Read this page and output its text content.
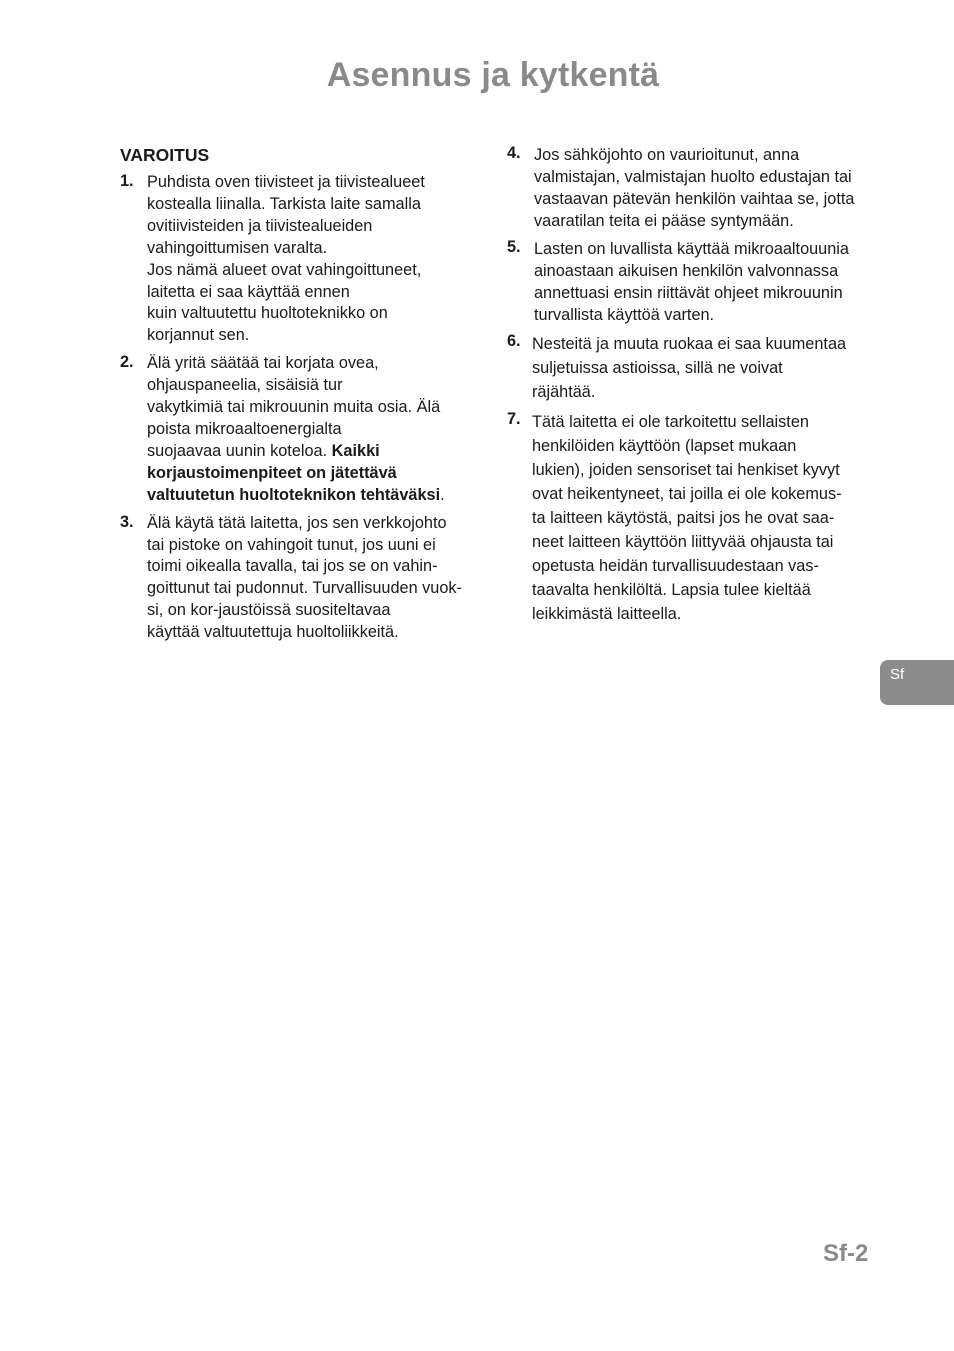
Asennus ja kytkentä
VAROITUS
1. Puhdista oven tiivisteet ja tiivistealueet
kostealla liinalla. Tarkista laite samalla
ovitiivisteiden ja tiivistealueiden
vahingoittumisen varalta.
Jos nämä alueet ovat vahingoittuneet,
laitetta ei saa käyttää ennen
kuin valtuutettu huoltoteknikko on
korjannut sen.
2. Älä yritä säätää tai korjata ovea,
ohjauspaneelia, sisäisiä tur
vakytkimiä tai mikrouunin muita osia. Älä
poista mikroaaltoenergialta
suojaavaa uunin koteloa. Kaikki
korjaustoimenpiteet on jätettävä
valtuutetun huoltoteknikon tehtäväksi.
3. Älä käytä tätä laitetta, jos sen verkkojohto
tai pistoke on vahingoit tunut, jos uuni ei
toimi oikealla tavalla, tai jos se on vahin-
goittunut tai pudonnut. Turvallisuuden vuok-
si, on kor-jaustöissä suositeltavaa
käyttää valtuutettuja huoltoliikkeitä.
4. Jos sähköjohto on vaurioitunut, anna
valmistajan, valmistajan huolto edustajan tai
vastaavan pätevän henkilön vaihtaa se, jotta
vaaratilan teita ei pääse syntymään.
5. Lasten on luvallista käyttää mikroaaltouunia
ainoastaan aikuisen henkilön valvonnassa
annettuasi ensin riittävät ohjeet mikrouunin
turvallista käyttöä varten.
6. Nesteitä ja muuta ruokaa ei saa kuumentaa
suljetuissa astioissa, sillä ne voivat
räjähtää.
7. Tätä laitetta ei ole tarkoitettu sellaisten
henkilöiden käyttöön (lapset mukaan
lukien), joiden sensoriset tai henkiset kyvyt
ovat heikentyneet, tai joilla ei ole kokemus-
ta laitteen käytöstä, paitsi jos he ovat saa-
neet laitteen käyttöön liittyvää ohjausta tai
opetusta heidän turvallisuudestaan vas-
taavalta henkilöltä. Lapsia tulee kieltää
leikkimästä laitteella.
Sf
Sf-2
